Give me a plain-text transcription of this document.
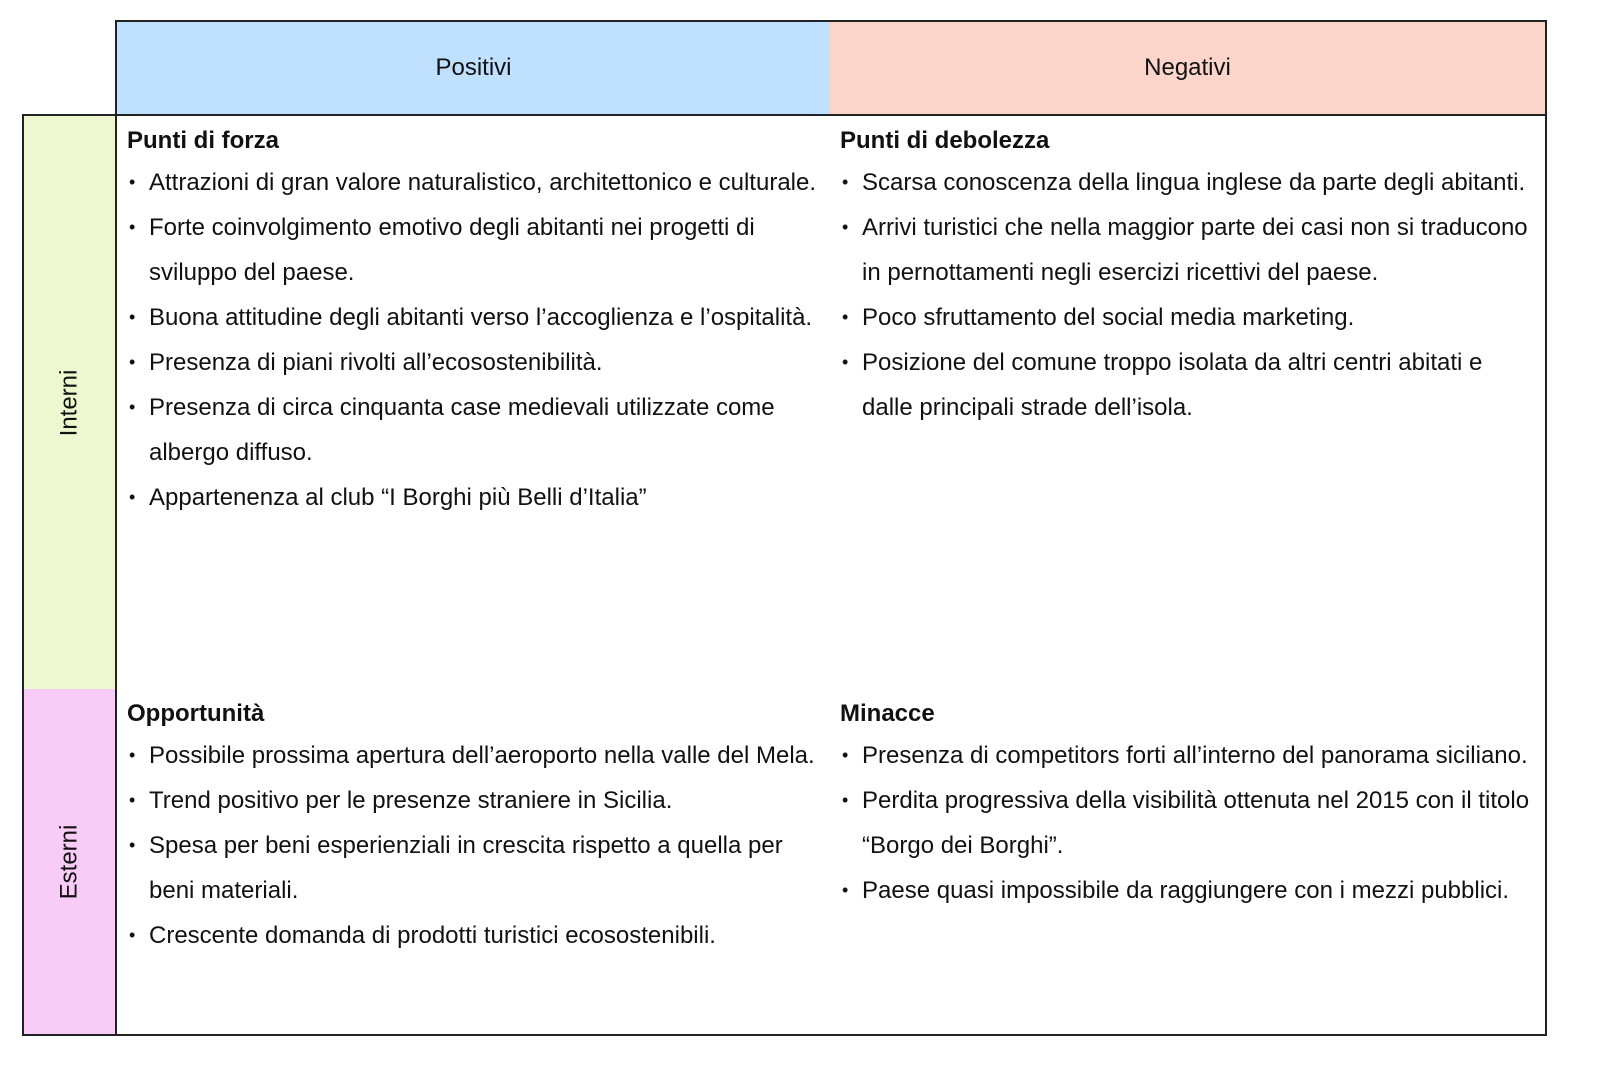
Positivi	Negativi
Interni
Esterni
Punti di forza
• Attrazioni di gran valore naturalistico, architettonico e culturale.
• Forte coinvolgimento emotivo degli abitanti nei progetti di sviluppo del paese.
• Buona attitudine degli abitanti verso l’accoglienza e l’ospitalità.
• Presenza di piani rivolti all’ecosostenibilità.
• Presenza di circa cinquanta case medievali utilizzate come albergo diffuso.
• Appartenenza al club “I Borghi più Belli d’Italia”
Punti di debolezza
• Scarsa conoscenza della lingua inglese da parte degli abitanti.
• Arrivi turistici che nella maggior parte dei casi non si traducono in pernottamenti negli esercizi ricettivi del paese.
• Poco sfruttamento del social media marketing.
• Posizione del comune troppo isolata da altri centri abitati e dalle principali strade dell’isola.
Opportunità
• Possibile prossima apertura dell’aeroporto nella valle del Mela.
• Trend positivo per le presenze straniere in Sicilia.
• Spesa per beni esperienziali in crescita rispetto a quella per beni materiali.
• Crescente domanda di prodotti turistici ecosostenibili.
Minacce
• Presenza di competitors forti all’interno del panorama siciliano.
• Perdita progressiva della visibilità ottenuta nel 2015 con il titolo “Borgo dei Borghi”.
• Paese quasi impossibile da raggiungere con i mezzi pubblici.
